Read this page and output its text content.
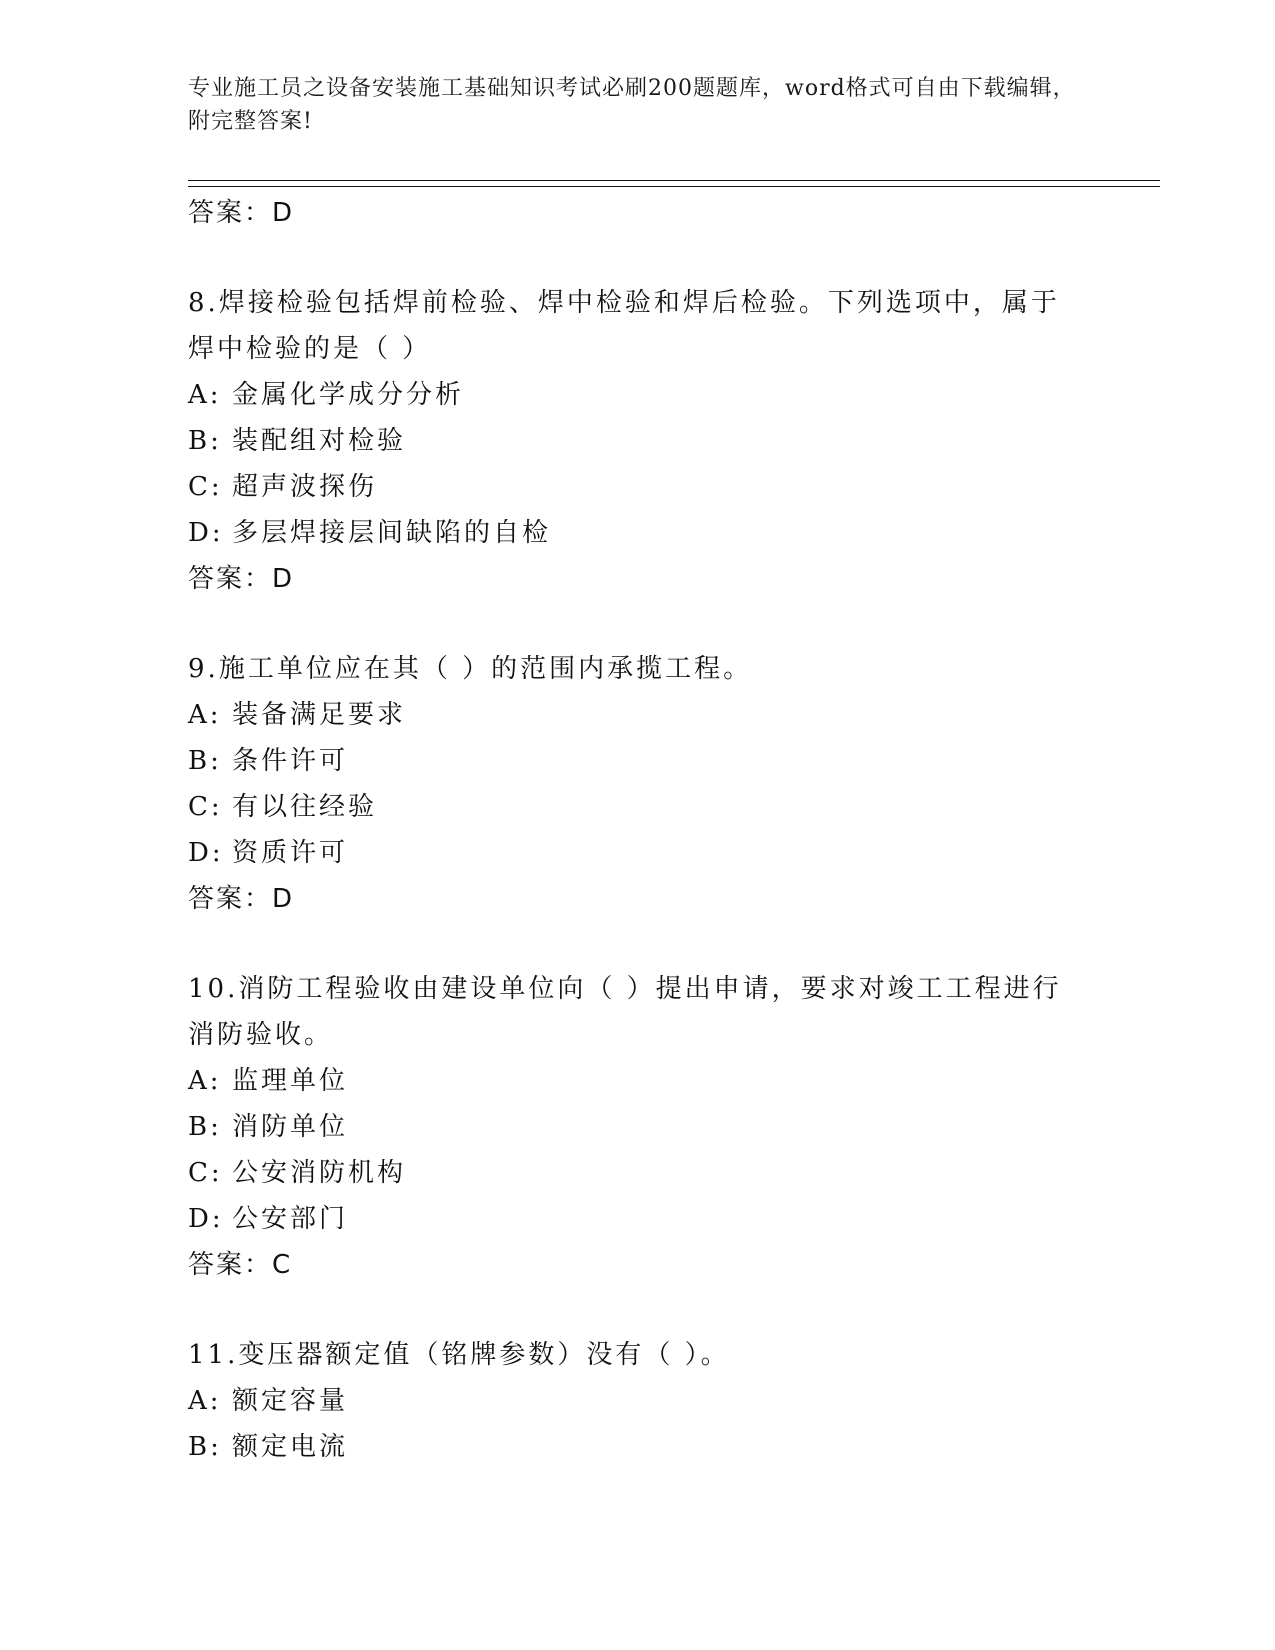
专业施工员之设备安装施工基础知识考试必刷200题题库，word格式可自由下载编辑，附完整答案!
答案：D
8.焊接检验包括焊前检验、焊中检验和焊后检验。下列选项中，属于焊中检验的是（ ）
A: 金属化学成分分析
B: 装配组对检验
C: 超声波探伤
D: 多层焊接层间缺陷的自检
答案：D
9.施工单位应在其（ ）的范围内承揽工程。
A: 装备满足要求
B: 条件许可
C: 有以往经验
D: 资质许可
答案：D
10.消防工程验收由建设单位向（ ）提出申请，要求对竣工工程进行消防验收。
A: 监理单位
B: 消防单位
C: 公安消防机构
D: 公安部门
答案：C
11.变压器额定值（铭牌参数）没有（ ）。
A: 额定容量
B: 额定电流
